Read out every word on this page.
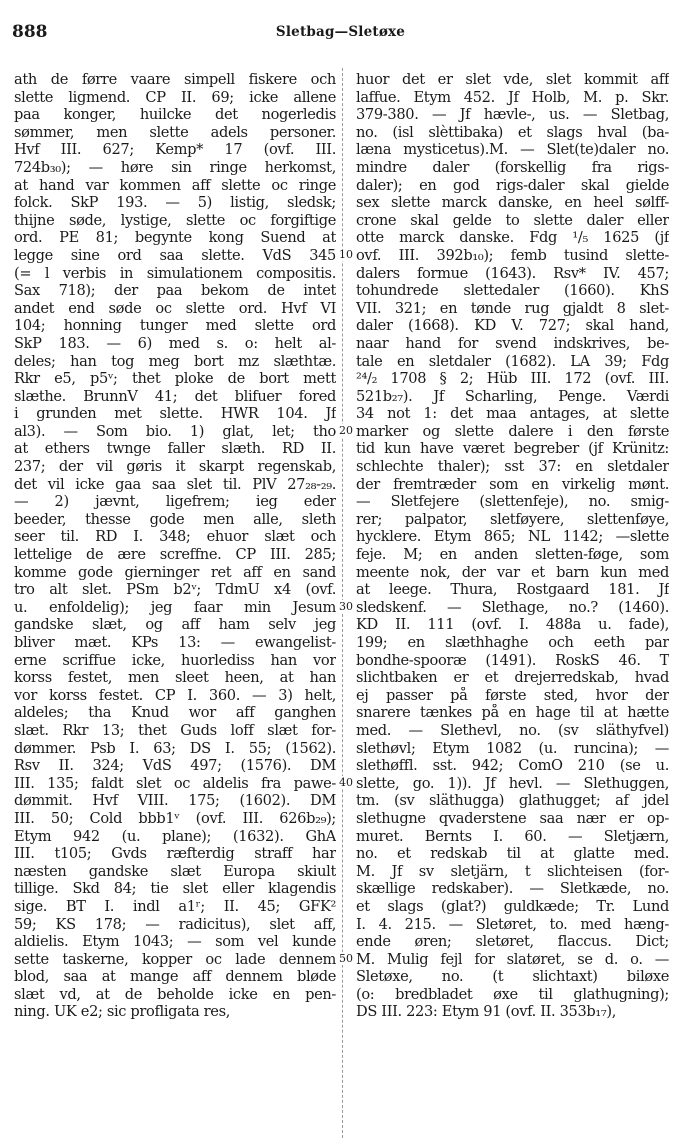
888	Sletbag—Sletøxe
ath de førre vaare simpell fiskere och
slette ligmend. CP II. 69; icke allene
paa konger, huilcke det nogerledis
sømmer, men slette adels personer.
Hvf III. 627; Kemp* 17 (ovf. III.
724b₃₀); — høre sin ringe herkomst,
at hand var kommen aff slette oc ringe
folck. SkP 193. — 5) listig, sledsk;
thijne søde, lystige, slette oc forgiftige
ord. PE 81; begynte kong Suend at
legge sine ord saa slette. VdS 345
(= l verbis in simulationem compositis.
Sax 718); der paa bekom de intet
andet end søde oc slette ord. Hvf VI
104; honning tunger med slette ord
SkP 183. — 6) med s. o: helt al-
deles; han tog meg bort mz slæthtæ.
Rkr e5, p5ᵛ; thet ploke de bort mett
slæthe. BrunnV 41; det blifuer fored
i grunden met slette. HWR 104. Jf
al3). — Som bio. 1) glat, let; tho
at ethers twnge faller slæth. RD II.
237; der vil gøris it skarpt regenskab,
det vil icke gaa saa slet til. PlV 27₂₈-₂₉.
— 2) jævnt, ligefrem; ieg eder
beeder, thesse gode men alle, sleth
seer til. RD I. 348; ehuor slæt och
lettelige de ære screffne. CP III. 285;
komme gode gierninger ret aff en sand
tro alt slet. PSm b2ᵛ; TdmU x4 (ovf.
u. enfoldelig); jeg faar min Jesum
gandske slæt, og aff ham selv jeg
bliver mæt. KPs 13: — ewangelist-
erne scriffue icke, huorlediss han vor
korss festet, men sleet heen, at han
vor korss festet. CP I. 360. — 3) helt,
aldeles; tha Knud wor aff ganghen
slæt. Rkr 13; thet Guds loff slæt for-
dømmer. Psb I. 63; DS I. 55; (1562).
Rsv II. 324; VdS 497; (1576). DM
III. 135; faldt slet oc aldelis fra pawe-
dømmit. Hvf VIII. 175; (1602). DM
III. 50; Cold bbb1ᵛ (ovf. III. 626b₂₉);
Etym 942 (u. plane); (1632). GhA
III. t105; Gvds ræfterdig straff har
næsten gandske slæt Europa skiult
tillige. Skd 84; tie slet eller klagendis
sige. BT I. indl a1ʳ; II. 45; GFK²
59; KS 178; — radicitus), slet aff,
aldielis. Etym 1043; — som vel kunde
sette taskerne, kopper oc lade dennem
blod, saa at mange aff dennem bløde
slæt vd, at de beholde icke en pen-
ning. UK e2; sic profligata res,
huor det er slet vde, slet kommit aff
laffue. Etym 452. Jf Holb, M. p. Skr.
379-380. — Jf hævle-, us. — Sletbag,
no. (isl slèttibaka) et slags hval (ba-
læna mysticetus).M. — Slet(te)daler no.
mindre daler (forskellig fra rigs-
daler); en god rigs-daler skal gielde
sex slette marck danske, en heel sølff-
crone skal gelde to slette daler eller
otte marck danske. Fdg ¹/₅ 1625 (jf
ovf. III. 392b₁₀); femb tusind slette-
dalers formue (1643). Rsv* IV. 457;
tohundrede slettedaler (1660). KhS
VII. 321; en tønde rug gjaldt 8 slet-
daler (1668). KD V. 727; skal hand,
naar hand for svend indskrives, be-
tale en sletdaler (1682). LA 39; Fdg
²⁴/₂ 1708 § 2; Hüb III. 172 (ovf. III.
521b₂₇). Jf Scharling, Penge. Værdi
34 not 1: det maa antages, at slette
marker og slette dalere i den første
tid kun have været begreber (jf Krünitz:
schlechte thaler); sst 37: en sletdaler
der fremtræder som en virkelig mønt.
— Sletfejere (slettenfeje), no. smig-
rer; palpator, sletføyere, slettenføye,
hycklere. Etym 865; NL 1142; —slette
feje. M; en anden sletten-føge, som
meente nok, der var et barn kun med
at leege. Thura, Rostgaard 181. Jf
sledskenf. — Slethage, no.? (1460).
KD II. 111 (ovf. I. 488a u. fade),
199; en slæthhaghe och eeth par
bondhe-spooræ (1491). RoskS 46. T
slichtbaken er et drejerredskab, hvad
ej passer på første sted, hvor der
snarere tænkes på en hage til at hætte
med. — Slethevl, no. (sv släthyfvel)
slethøvl; Etym 1082 (u. runcina); —
slethøffl. sst. 942; ComO 210 (se u.
slette, go. 1)). Jf hevl. — Slethuggen,
tm. (sv släthugga) glathugget; af jdel
slethugne qvaderstene saa nær er op-
muret. Bernts I. 60. — Sletjærn,
no. et redskab til at glatte med.
M. Jf sv sletjärn, t slichteisen (for-
skællige redskaber). — Sletkæde, no.
et slags (glat?) guldkæde; Tr. Lund
I. 4. 215. — Sletøret, to. med hæng-
ende øren; sletøret, flaccus. Dict;
M. Mulig fejl for slatøret, se d. o. —
Sletøxe, no. (t slichtaxt) biløxe
(o: bredbladet øxe til glathugning);
DS III. 223: Etym 91 (ovf. II. 353b₁₇),
10
20
30
40
50
